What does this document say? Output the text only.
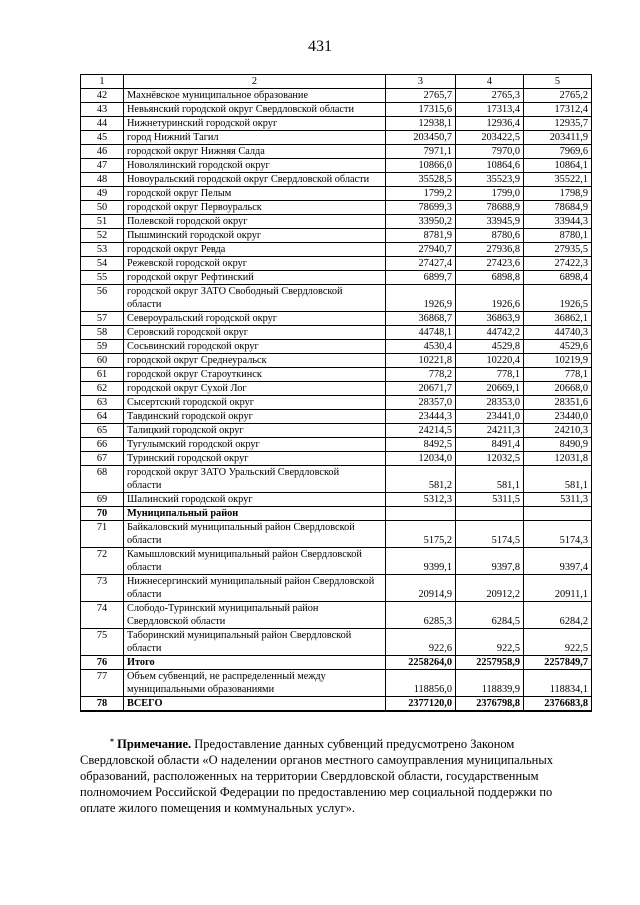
431
1	2	3	4	5
42	Махнёвское муниципальное образование	2765,7	2765,3	2765,2
43	Невьянский городской округ Свердловской области	17315,6	17313,4	17312,4
44	Нижнетуринский городской округ	12938,1	12936,4	12935,7
45	город Нижний Тагил	203450,7	203422,5	203411,9
46	городской округ Нижняя Салда	7971,1	7970,0	7969,6
47	Новолялинский городской округ	10866,0	10864,6	10864,1
48	Новоуральский городской округ Свердловской области	35528,5	35523,9	35522,1
49	городской округ Пелым	1799,2	1799,0	1798,9
50	городской округ Первоуральск	78699,3	78688,9	78684,9
51	Полевской городской округ	33950,2	33945,9	33944,3
52	Пышминский городской округ	8781,9	8780,6	8780,1
53	городской округ Ревда	27940,7	27936,8	27935,5
54	Режевской городской округ	27427,4	27423,6	27422,3
55	городской округ Рефтинский	6899,7	6898,8	6898,4
56	городской округ ЗАТО Свободный Свердловской
области	1926,9	1926,6	1926,5
57	Североуральский городской округ	36868,7	36863,9	36862,1
58	Серовский городской округ	44748,1	44742,2	44740,3
59	Сосьвинский городской округ	4530,4	4529,8	4529,6
60	городской округ Среднеуральск	10221,8	10220,4	10219,9
61	городской округ Староуткинск	778,2	778,1	778,1
62	городской округ Сухой Лог	20671,7	20669,1	20668,0
63	Сысертский городской округ	28357,0	28353,0	28351,6
64	Тавдинский городской округ	23444,3	23441,0	23440,0
65	Талицкий городской округ	24214,5	24211,3	24210,3
66	Тугулымский городской округ	8492,5	8491,4	8490,9
67	Туринский городской округ	12034,0	12032,5	12031,8
68	городской округ ЗАТО Уральский Свердловской
области	581,2	581,1	581,1
69	Шалинский городской округ	5312,3	5311,5	5311,3
70	Муниципальный район			

71	Байкаловский муниципальный район Свердловской
области	5175,2	5174,5	5174,3
72	Камышловский муниципальный район Свердловской
области	9399,1	9397,8	9397,4
73	Нижнесергинский муниципальный район Свердловской
области	20914,9	20912,2	20911,1
74	Слободо-Туринский муниципальный район
Свердловской области	6285,3	6284,5	6284,2
75	Таборинский муниципальный район Свердловской
области	922,6	922,5	922,5
76	Итого	2258264,0	2257958,9	2257849,7
77	Объем субвенций, не распределенный между
муниципальными образованиями	118856,0	118839,9	118834,1
78	ВСЕГО	2377120,0	2376798,8	2376683,8
* Примечание. Предоставление данных субвенций предусмотрено Законом Свердловской области «О наделении органов местного самоуправления муниципальных образований, расположенных на территории Свердловской области, государственным полномочием Российской Федерации по предоставлению мер социальной поддержки по оплате жилого помещения и коммунальных услуг».
